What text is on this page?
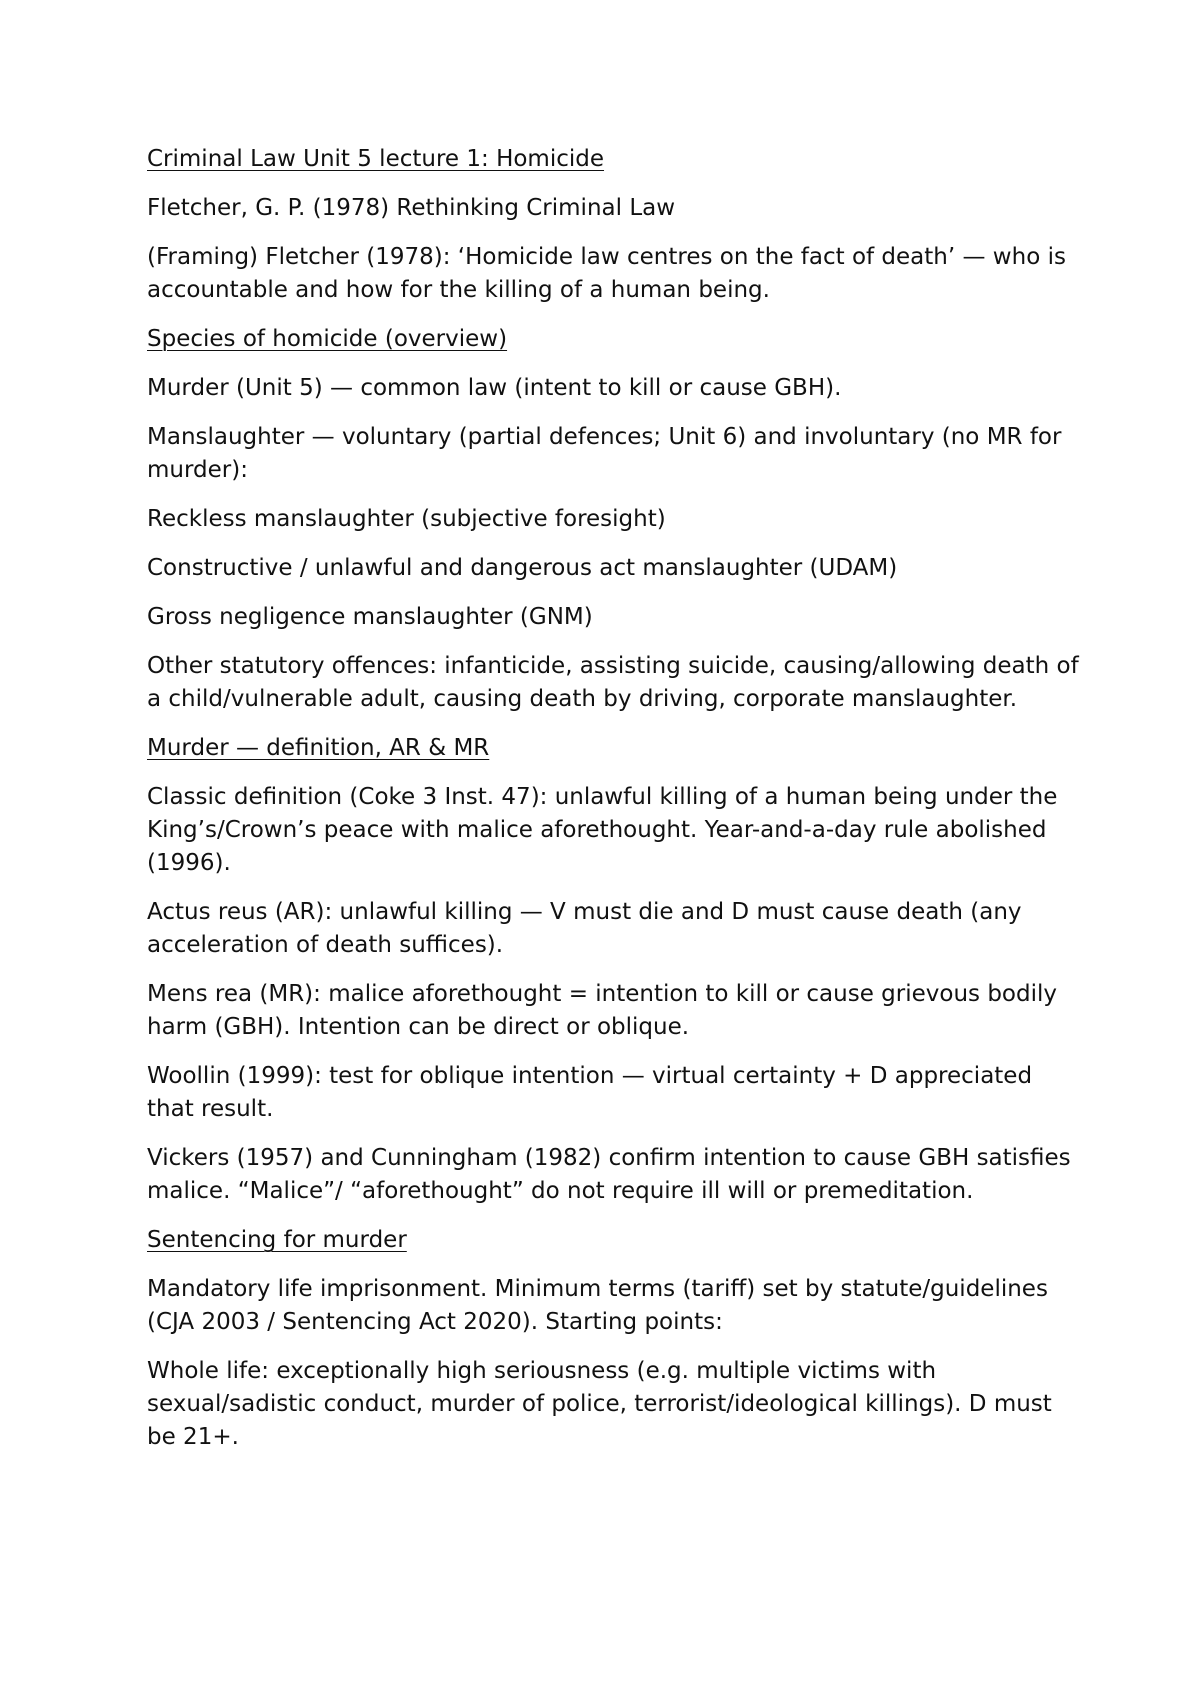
Criminal Law Unit 5 lecture 1: Homicide

Fletcher, G. P. (1978) Rethinking Criminal Law

(Framing) Fletcher (1978): ‘Homicide law centres on the fact of death’ — who is accountable and how for the killing of a human being.

Species of homicide (overview)

Murder (Unit 5) — common law (intent to kill or cause GBH).

Manslaughter — voluntary (partial defences; Unit 6) and involuntary (no MR for murder):

Reckless manslaughter (subjective foresight)

Constructive / unlawful and dangerous act manslaughter (UDAM)

Gross negligence manslaughter (GNM)

Other statutory offences: infanticide, assisting suicide, causing/allowing death of a child/vulnerable adult, causing death by driving, corporate manslaughter.

Murder — definition, AR & MR

Classic definition (Coke 3 Inst. 47): unlawful killing of a human being under the King’s/Crown’s peace with malice aforethought. Year-and-a-day rule abolished (1996).

Actus reus (AR): unlawful killing — V must die and D must cause death (any acceleration of death suffices).

Mens rea (MR): malice aforethought = intention to kill or cause grievous bodily harm (GBH). Intention can be direct or oblique.

Woollin (1999): test for oblique intention — virtual certainty + D appreciated that result.

Vickers (1957) and Cunningham (1982) confirm intention to cause GBH satisfies malice. “Malice”/ “aforethought” do not require ill will or premeditation.

Sentencing for murder

Mandatory life imprisonment. Minimum terms (tariff) set by statute/guidelines (CJA 2003 / Sentencing Act 2020). Starting points:

Whole life: exceptionally high seriousness (e.g. multiple victims with sexual/sadistic conduct, murder of police, terrorist/ideological killings). D must be 21+.
